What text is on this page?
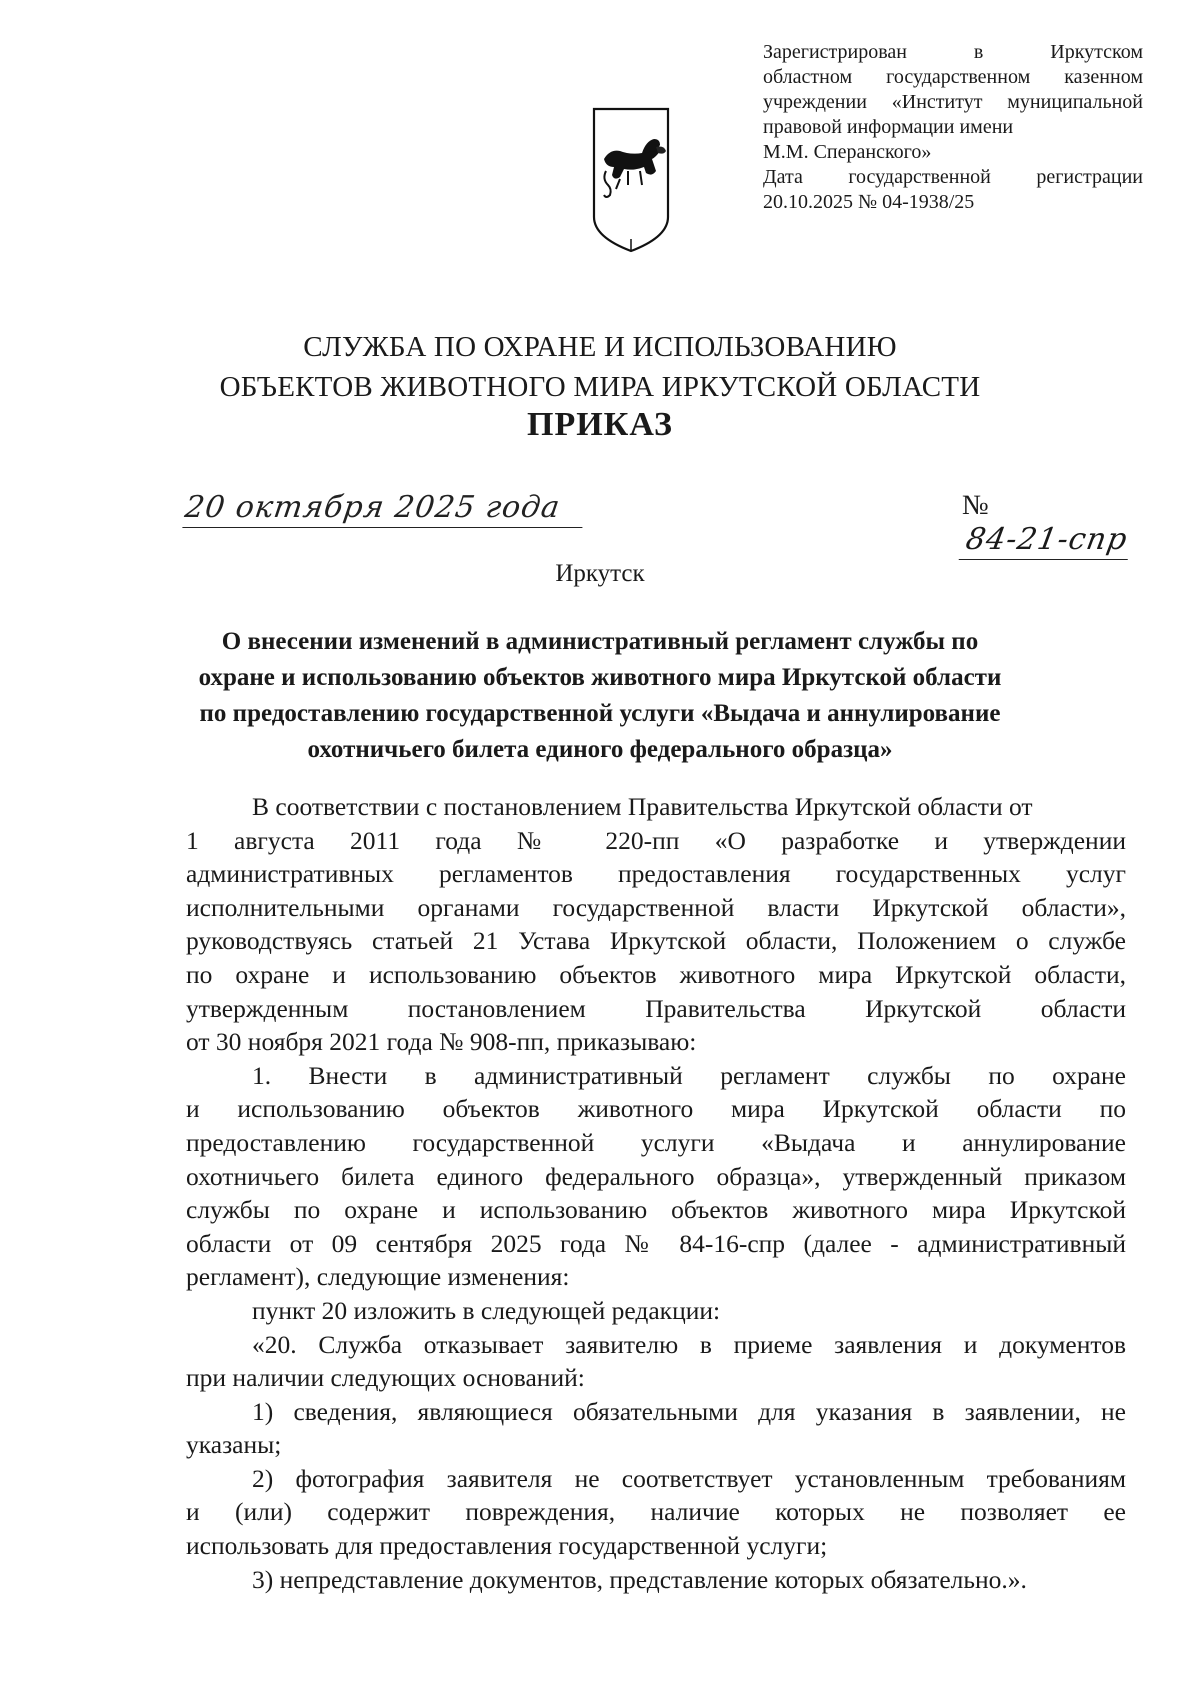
Зарегистрирован в Иркутском
областном государственном казенном
учреждении «Институт муниципальной
правовой информации имени
М.М. Сперанского»
Дата государственной регистрации
20.10.2025 № 04-1938/25
СЛУЖБА ПО ОХРАНЕ И ИСПОЛЬЗОВАНИЮ
ОБЪЕКТОВ ЖИВОТНОГО МИРА ИРКУТСКОЙ ОБЛАСТИ
ПРИКАЗ
20 октября 2025 года	№ 84-21-спр
Иркутск
О внесении изменений в административный регламент службы по
охране и использованию объектов животного мира Иркутской области
по предоставлению государственной услуги «Выдача и аннулирование
охотничьего билета единого федерального образца»
В соответствии с постановлением Правительства Иркутской области от
1 августа 2011 года № 220-пп «О разработке и утверждении
административных регламентов предоставления государственных услуг
исполнительными органами государственной власти Иркутской области»,
руководствуясь статьей 21 Устава Иркутской области, Положением о службе
по охране и использованию объектов животного мира Иркутской области,
утвержденным постановлением Правительства Иркутской области
от 30 ноября 2021 года № 908-пп, приказываю:
1. Внести в административный регламент службы по охране
и использованию объектов животного мира Иркутской области по
предоставлению государственной услуги «Выдача и аннулирование
охотничьего билета единого федерального образца», утвержденный приказом
службы по охране и использованию объектов животного мира Иркутской
области от 09 сентября 2025 года № 84-16-спр (далее - административный
регламент), следующие изменения:
пункт 20 изложить в следующей редакции:
«20. Служба отказывает заявителю в приеме заявления и документов
при наличии следующих оснований:
1) сведения, являющиеся обязательными для указания в заявлении, не
указаны;
2) фотография заявителя не соответствует установленным требованиям
и (или) содержит повреждения, наличие которых не позволяет ее
использовать для предоставления государственной услуги;
3) непредставление документов, представление которых обязательно.».
